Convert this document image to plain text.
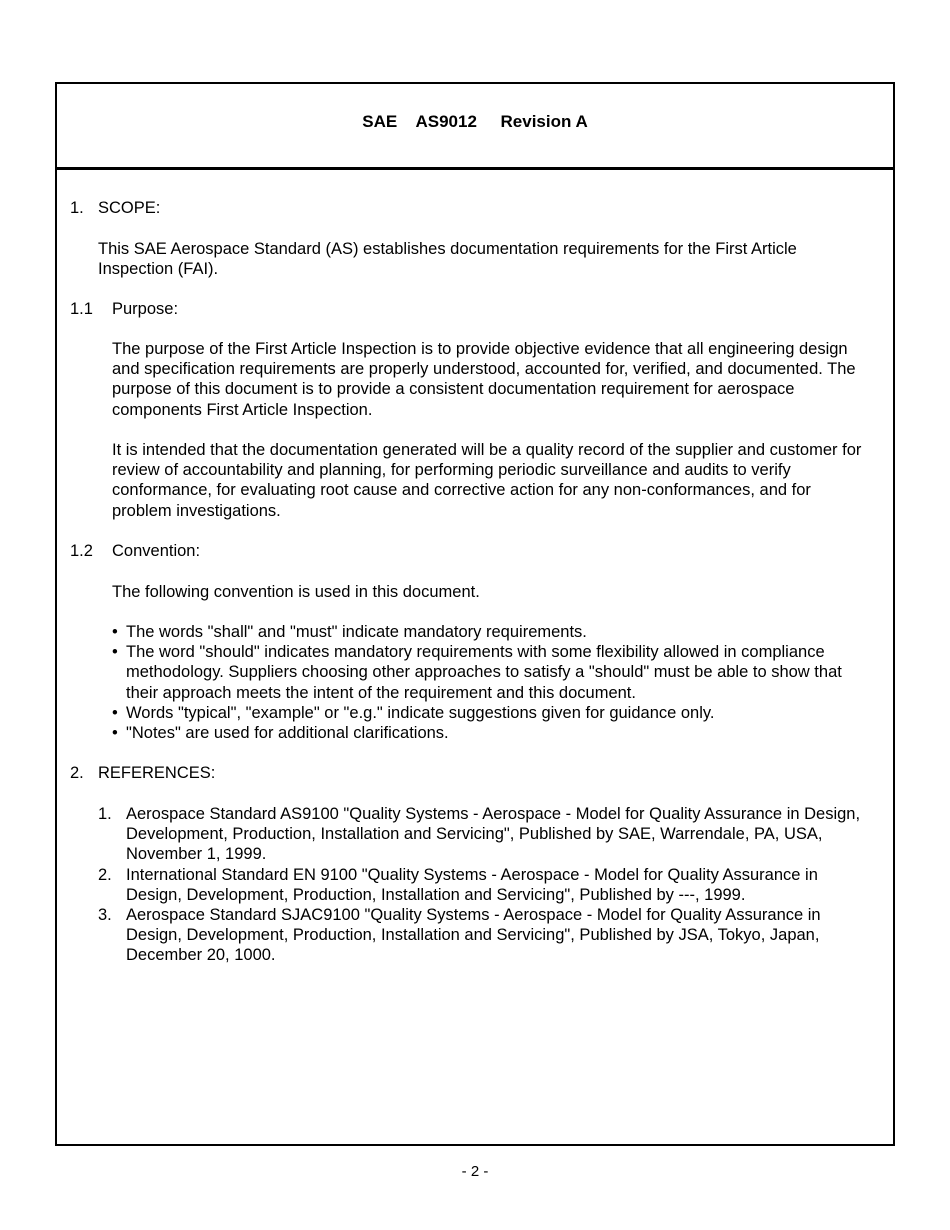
SAE    AS9012     Revision A
1. SCOPE:
This SAE Aerospace Standard (AS) establishes documentation requirements for the First Article Inspection (FAI).
1.1 Purpose:
The purpose of the First Article Inspection is to provide objective evidence that all engineering design and specification requirements are properly understood, accounted for, verified, and documented. The purpose of this document is to provide a consistent documentation requirement for aerospace components First Article Inspection.
It is intended that the documentation generated will be a quality record of the supplier and customer for review of accountability and planning, for performing periodic surveillance and audits to verify conformance, for evaluating root cause and corrective action for any non-conformances, and for problem investigations.
1.2 Convention:
The following convention is used in this document.
• The words "shall" and "must" indicate mandatory requirements.
• The word "should" indicates mandatory requirements with some flexibility allowed in compliance methodology. Suppliers choosing other approaches to satisfy a "should" must be able to show that their approach meets the intent of the requirement and this document.
• Words "typical", "example" or "e.g." indicate suggestions given for guidance only.
• "Notes" are used for additional clarifications.
2. REFERENCES:
1. Aerospace Standard AS9100 "Quality Systems - Aerospace - Model for Quality Assurance in Design, Development, Production, Installation and Servicing", Published by SAE, Warrendale, PA, USA, November 1, 1999.
2. International Standard EN 9100 "Quality Systems - Aerospace - Model for Quality Assurance in Design, Development, Production, Installation and Servicing", Published by ---, 1999.
3. Aerospace Standard SJAC9100 "Quality Systems - Aerospace - Model for Quality Assurance in Design, Development, Production, Installation and Servicing", Published by JSA, Tokyo, Japan, December 20, 1000.
- 2 -
